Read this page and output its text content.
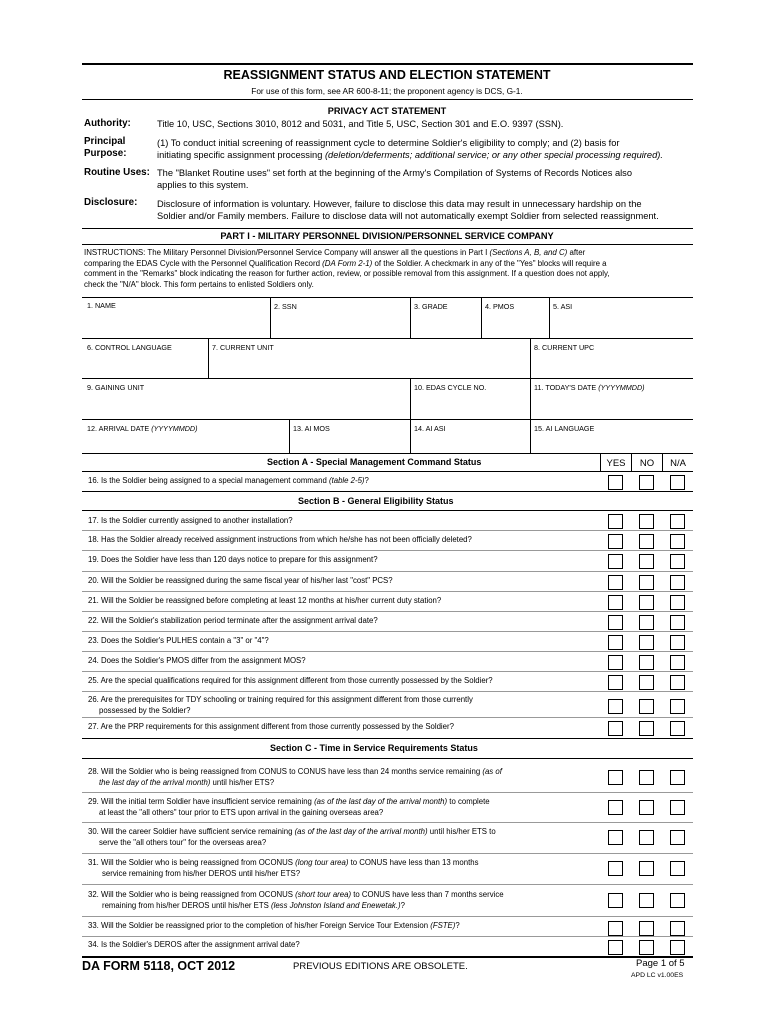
REASSIGNMENT STATUS AND ELECTION STATEMENT
For use of this form, see AR 600-8-11; the proponent agency is DCS, G-1.
PRIVACY ACT STATEMENT
Authority:	Title 10, USC, Sections 3010, 8012 and 5031, and Title 5, USC, Section 301 and E.O. 9397 (SSN).
Principal
Purpose:
(1) To conduct initial screening of reassignment cycle to determine Soldier's eligibility to comply; and (2) basis for
initiating specific assignment processing (deletion/deferments; additional service; or any other special processing required).
Routine Uses: The "Blanket Routine uses" set forth at the beginning of the Army's Compilation of Systems of Records Notices also
applies to this system.
Disclosure: Disclosure of information is voluntary. However, failure to disclose this data may result in unnecessary hardship on the
Soldier and/or Family members. Failure to disclose data will not automatically exempt Soldier from selected reassignment.
PART I - MILITARY PERSONNEL DIVISION/PERSONNEL SERVICE COMPANY
INSTRUCTIONS: The Military Personnel Division/Personnel Service Company will answer all the questions in Part I (Sections A, B, and C) after
comparing the EDAS Cycle with the Personnel Qualification Record (DA Form 2-1) of the Soldier. A checkmark in any of the "Yes" blocks will require a
comment in the "Remarks" block indicating the reason for further action, review, or possible removal from this assignment. If a question does not apply,
check the "N/A" block. This form pertains to enlisted Soldiers only.
1. NAME	2. SSN	3. GRADE	4. PMOS	5. ASI
6. CONTROL LANGUAGE	7. CURRENT UNIT	8. CURRENT UPC
9. GAINING UNIT	10. EDAS CYCLE NO.	11. TODAY'S DATE (YYYYMMDD)
12. ARRIVAL DATE (YYYYMMDD)	13. AI MOS	14. AI ASI	15. AI LANGUAGE
Section A - Special Management Command Status	YES	NO	N/A
16. Is the Soldier being assigned to a special management command (table 2-5)?
Section B - General Eligibility Status
17. Is the Soldier currently assigned to another installation?
18. Has the Soldier already received assignment instructions from which he/she has not been officially deleted?
19. Does the Soldier have less than 120 days notice to prepare for this assignment?
20. Will the Soldier be reassigned during the same fiscal year of his/her last "cost" PCS?
21. Will the Soldier be reassigned before completing at least 12 months at his/her current duty station?
22. Will the Soldier's stabilization period terminate after the assignment arrival date?
23. Does the Soldier's PULHES contain a "3" or "4"?
24. Does the Soldier's PMOS differ from the assignment MOS?
25. Are the special qualifications required for this assignment different from those currently possessed by the Soldier?
26. Are the prerequisites for TDY schooling or training required for this assignment different from those currently
possessed by the Soldier?
27. Are the PRP requirements for this assignment different from those currently possessed by the Soldier?
Section C - Time in Service Requirements Status
28. Will the Soldier who is being reassigned from CONUS to CONUS have less than 24 months service remaining (as of
the last day of the arrival month) until his/her ETS?
29. Will the initial term Soldier have insufficient service remaining (as of the last day of the arrival month) to complete
at least the "all others" tour prior to ETS upon arrival in the gaining overseas area?
30. Will the career Soldier have sufficient service remaining (as of the last day of the arrival month) until his/her ETS to
serve the "all others tour" for the overseas area?
31. Will the Soldier who is being reassigned from OCONUS (long tour area) to CONUS have less than 13 months
service remaining from his/her DEROS until his/her ETS?
32. Will the Soldier who is being reassigned from OCONUS (short tour area) to CONUS have less than 7 months service
remaining from his/her DEROS until his/her ETS (less Johnston Island and Enewetak.)?
33. Will the Soldier be reassigned prior to the completion of his/her Foreign Service Tour Extension (FSTE)?
34. Is the Soldier's DEROS after the assignment arrival date?
DA FORM 5118, OCT 2012	PREVIOUS EDITIONS ARE OBSOLETE.	Page 1 of 5
APD LC v1.00ES
